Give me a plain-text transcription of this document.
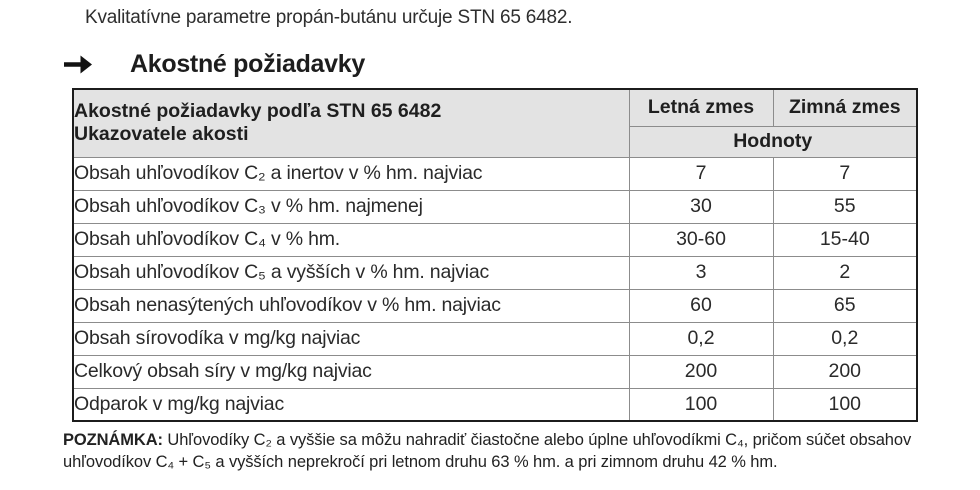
Kvalitatívne parametre propán-butánu určuje STN 65 6482.

Akostné požiadavky
Akostné požiadavky podľa STN 65 6482
Ukazovatele akosti	Letná zmes	Zimná zmes
	Hodnoty	
Obsah uhľovodíkov C₂ a inertov v % hm. najviac	7	7
Obsah uhľovodíkov C₃ v % hm. najmenej	30	55
Obsah uhľovodíkov C₄ v % hm.	30-60	15-40
Obsah uhľovodíkov C₅ a vyšších v % hm. najviac	3	2
Obsah nenasýtených uhľovodíkov v % hm. najviac	60	65
Obsah sírovodíka v mg/kg najviac	0,2	0,2
Celkový obsah síry v mg/kg najviac	200	200
Odparok v mg/kg najviac	100	100

POZNÁMKA: Uhľovodíky C₂ a vyššie sa môžu nahradiť čiastočne alebo úplne uhľovodíkmi C₄, pričom súčet obsahov uhľovodíkov C₄ + C₅ a vyšších neprekročí pri letnom druhu 63 % hm. a pri zimnom druhu 42 % hm.
